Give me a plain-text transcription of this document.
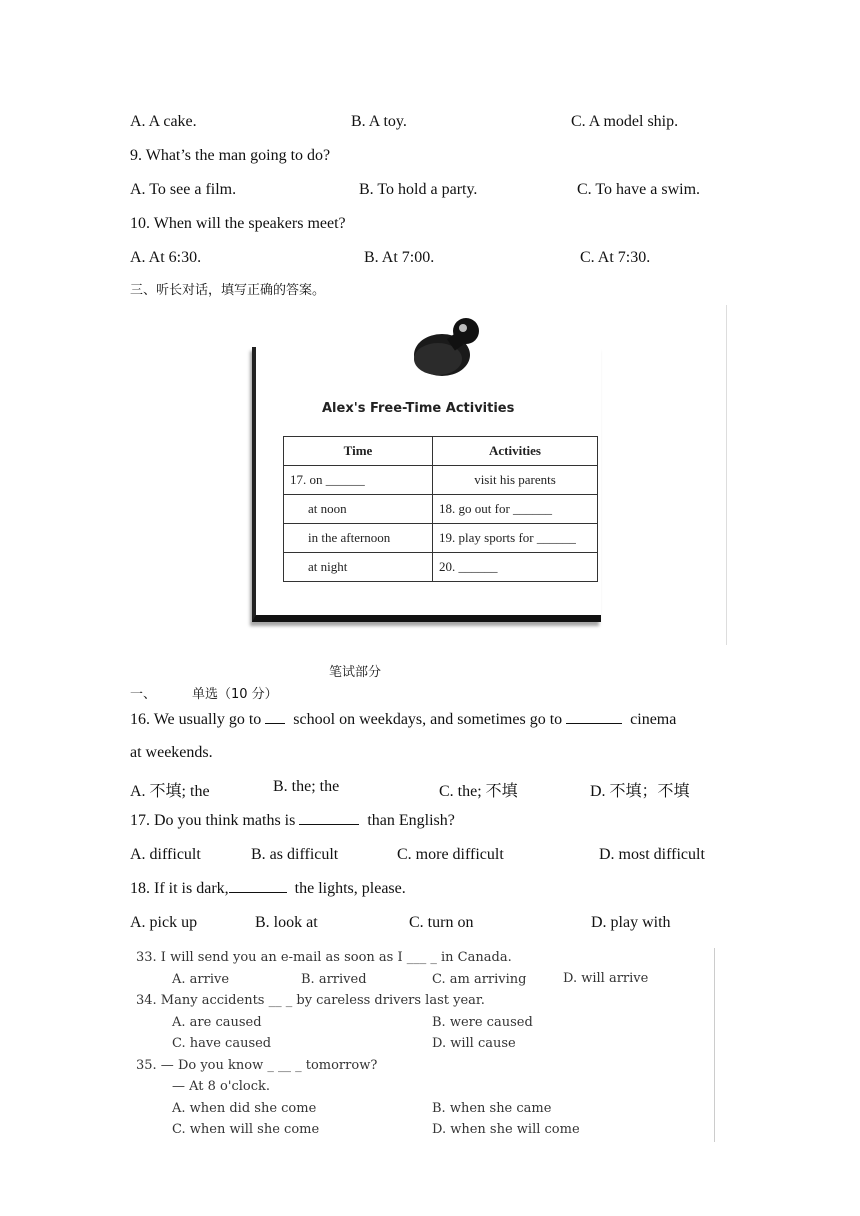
A. A cake.	B. A toy.	C. A model ship.
9. What’s the man going to do?
A. To see a film.	B. To hold a party.	C. To have a swim.
10. When will the speakers meet?
A. At 6:30.	B. At 7:00.	C. At 7:30.
三、听长对话，填写正确的答案。
Alex's Free-Time Activities
Time	Activities
17. on ______	visit his parents
at noon	18. go out for ______
in the afternoon	19. play sports for ______
at night	20. ______
笔试部分
一、	单选（10 分）
16. We usually go to school on weekdays, and sometimes go to	cinema
at weekends.
A. 不填; the	B. the; the	C. the; 不填	D. 不填；不填
17. Do you think maths is	than English?
A. difficult	B. as difficult	C. more difficult	D. most difficult
18. If it is dark,	the lights, please.
A. pick up	B. look at	C. turn on	D. play with
33. I will send you an e-mail as soon as I ___ _ in Canada.
A. arrive	B. arrived	C. am arriving	D. will arrive
34. Many accidents __ _ by careless drivers last year.
A. are caused	B. were caused
C. have caused	D. will cause
35. — Do you know _ __ _ tomorrow?
— At 8 o'clock.
A. when did she come	B. when she came
C. when will she come	D. when she will come
